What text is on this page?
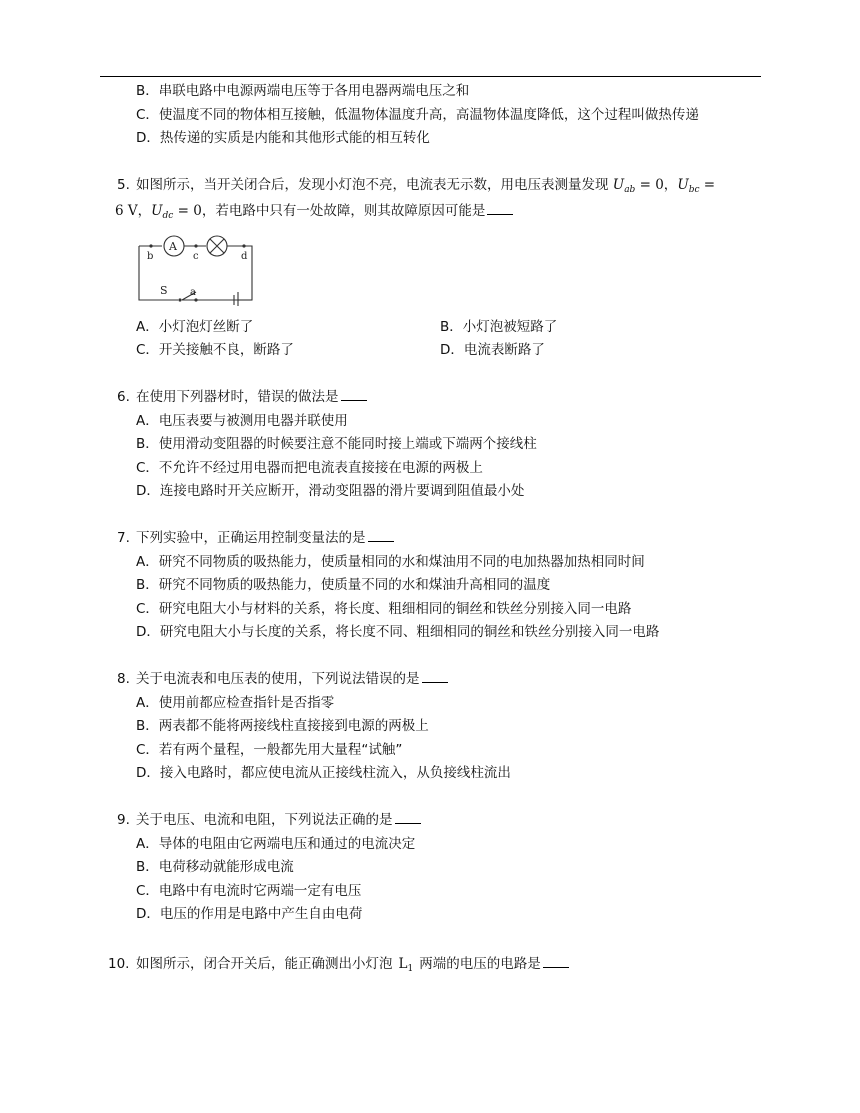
B．串联电路中电源两端电压等于各用电器两端电压之和
C．使温度不同的物体相互接触，低温物体温度升高，高温物体温度降低，这个过程叫做热传递
D．热传递的实质是内能和其他形式能的相互转化
5. 如图所示，当开关闭合后，发现小灯泡不亮，电流表无示数，用电压表测量发现 $U_{ab} = 0$，$U_{bc}$ =
6 V，$U_{dc} = 0$，若电路中只有一处故障，则其故障原因可能是
A
b	c	d
S a
A．小灯泡灯丝断了	B．小灯泡被短路了
C．开关接触不良，断路了	D．电流表断路了
6. 在使用下列器材时，错误的做法是
A．电压表要与被测用电器并联使用
B．使用滑动变阻器的时候要注意不能同时接上端或下端两个接线柱
C．不允许不经过用电器而把电流表直接接在电源的两极上
D．连接电路时开关应断开，滑动变阻器的滑片要调到阻值最小处
7. 下列实验中，正确运用控制变量法的是
A．研究不同物质的吸热能力，使质量相同的水和煤油用不同的电加热器加热相同时间
B．研究不同物质的吸热能力，使质量不同的水和煤油升高相同的温度
C．研究电阻大小与材料的关系，将长度、粗细相同的铜丝和铁丝分别接入同一电路
D．研究电阻大小与长度的关系，将长度不同、粗细相同的铜丝和铁丝分别接入同一电路
8. 关于电流表和电压表的使用，下列说法错误的是
A．使用前都应检查指针是否指零
B．两表都不能将两接线柱直接接到电源的两极上
C．若有两个量程，一般都先用大量程“试触”
D．接入电路时，都应使电流从正接线柱流入，从负接线柱流出
9. 关于电压、电流和电阻，下列说法正确的是
A．导体的电阻由它两端电压和通过的电流决定
B．电荷移动就能形成电流
C．电路中有电流时它两端一定有电压
D．电压的作用是电路中产生自由电荷
10. 如图所示，闭合开关后，能正确测出小灯泡 $L_1$ 两端的电压的电路是
